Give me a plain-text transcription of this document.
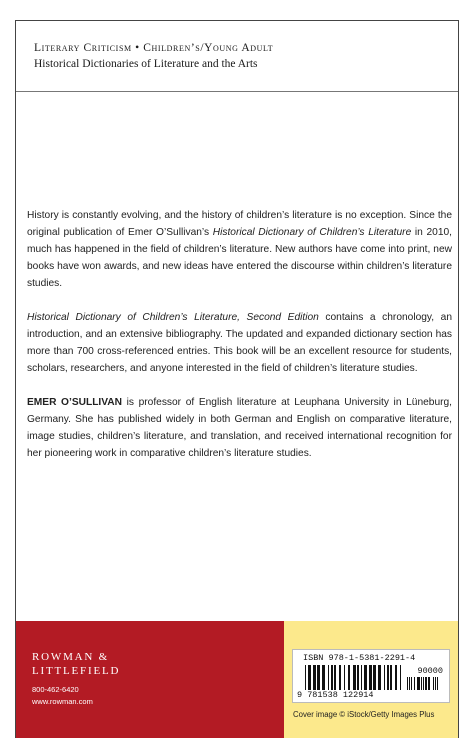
Literary Criticism • Children’s/Young Adult
Historical Dictionaries of Literature and the Arts

History is constantly evolving, and the history of children’s literature is no exception. Since the original publication of Emer O’Sullivan’s Historical Dictionary of Children’s Literature in 2010, much has happened in the field of children’s literature. New authors have come into print, new books have won awards, and new ideas have entered the discourse within children’s literature studies.

Historical Dictionary of Children’s Literature, Second Edition contains a chronology, an introduction, and an extensive bibliography. The updated and expanded dictionary section has more than 700 cross-referenced entries. This book will be an excellent resource for students, scholars, researchers, and anyone interested in the field of children’s literature studies.

EMER O’SULLIVAN is professor of English literature at Leuphana University in Lüneburg, Germany. She has published widely in both German and English on comparative literature, image studies, children’s literature, and translation, and received international recognition for her pioneering work in comparative children’s literature studies.

ROWMAN &
LITTLEFIELD
800-462-6420
www.rowman.com
ISBN 978-1-5381-2291-4
90000
9 781538 122914
Cover image © iStock/Getty Images Plus
